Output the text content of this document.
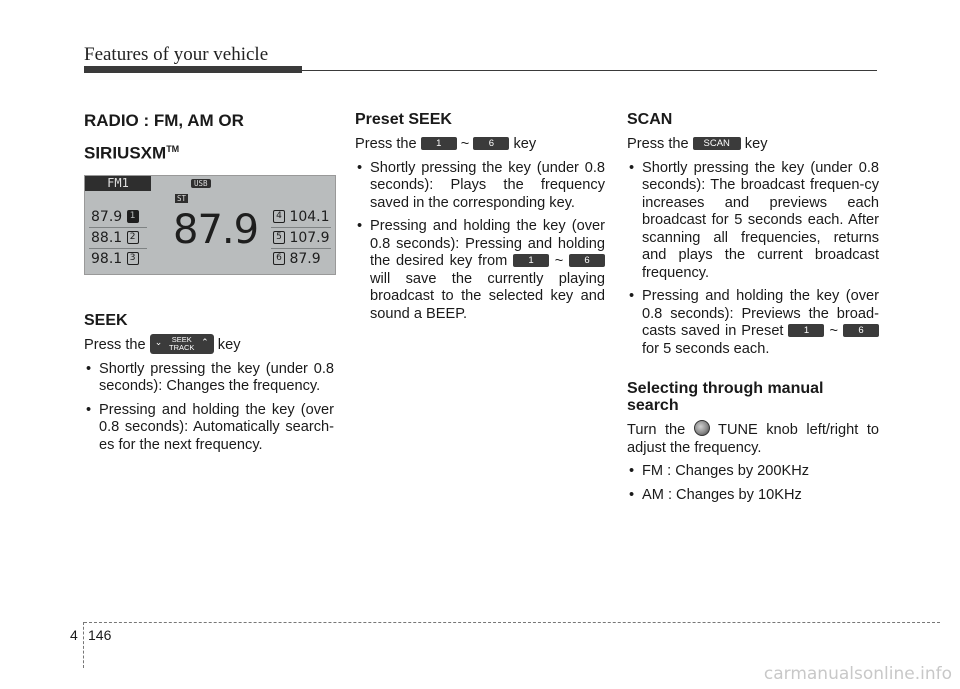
Features of your vehicle
RADIO : FM, AM OR
SIRIUSXM™
FM1	USB
ST
87.9
87.9 1
88.1 2
98.1 3
4 104.1
5 107.9
6 87.9
SEEK

Press the ⌄ SEEK
TRACK
⌃ key

• Shortly pressing the key (under 0.8 seconds): Changes the frequency.
• Pressing and holding the key (over 0.8 seconds): Automatically search-es for the next frequency.
Preset SEEK

Press the 1 ~ 6 key

• Shortly pressing the key (under 0.8 seconds): Plays the frequency saved in the corresponding key.
• Pressing and holding the key (over 0.8 seconds): Pressing and holding the desired key from 1 ~ 6 will save the currently playing broadcast to the selected key and sound a BEEP.
SCAN

Press the SCAN key

• Shortly pressing the key (under 0.8 seconds): The broadcast frequen-cy increases and previews each broadcast for 5 seconds each. After scanning all frequencies, returns and plays the current broadcast frequency.
• Pressing and holding the key (over 0.8 seconds): Previews the broad-casts saved in Preset 1 ~ 6 for 5 seconds each.
Selecting through manual search

Turn the TUNE knob left/right to adjust the frequency.

• FM : Changes by 200KHz
• AM : Changes by 10KHz
4 146
carmanualsonline.info
